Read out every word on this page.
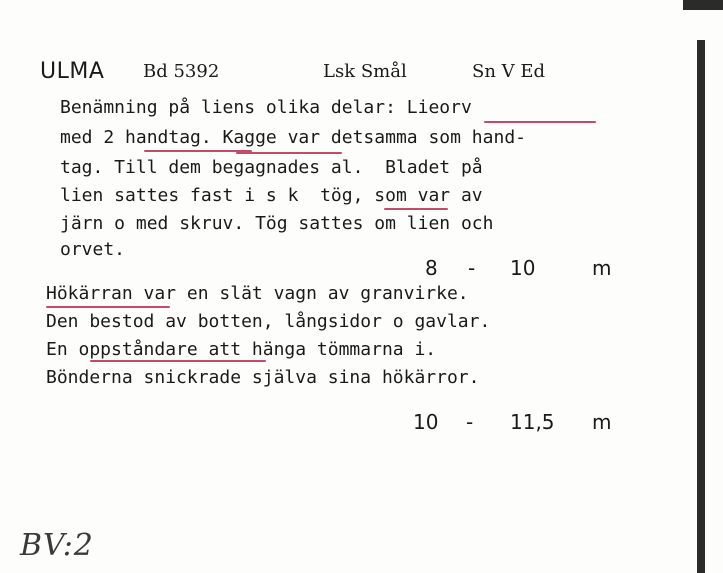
ULMA Bd 5392	Lsk Smål	Sn V Ed
Benämning på liens olika delar: Lieorv
med 2 handtag. Kagge var detsamma som hand-
tag. Till dem begagnades al.  Bladet på
lien sattes fast i s k  tög, som var av
järn o med skruv. Tög sattes om lien och
orvet.
8 - 10	m
Hökärran var en slät vagn av granvirke.
Den bestod av botten, långsidor o gavlar.
En oppståndare att hänga tömmarna i.
Bönderna snickrade själva sina hökärror.
10 - 11,5 m
BV:2
